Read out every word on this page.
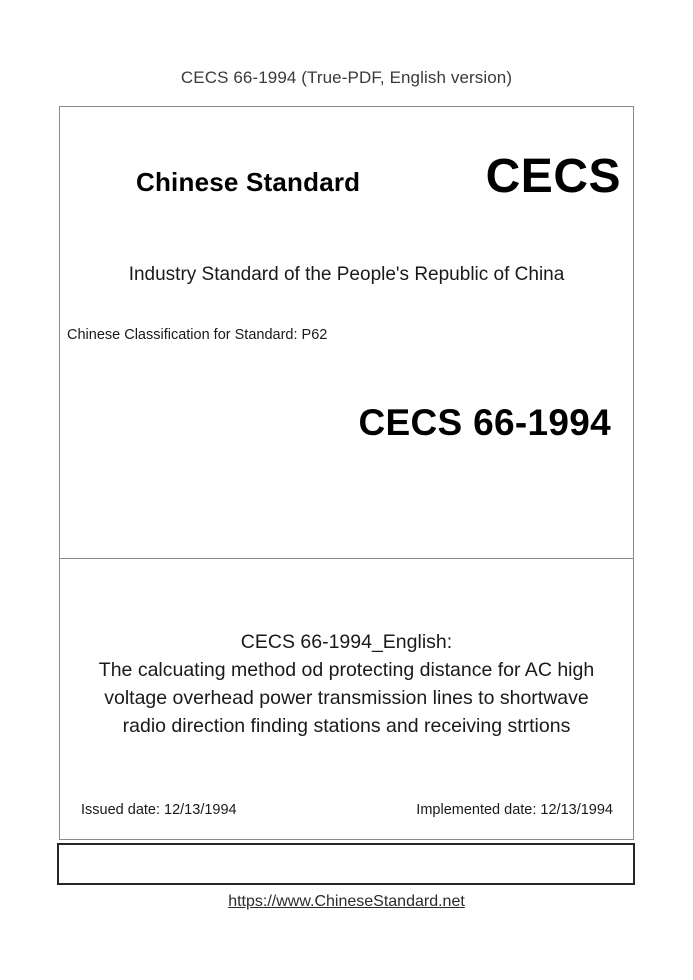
CECS 66-1994 (True-PDF, English version)
Chinese Standard	CECS
Industry Standard of the People's Republic of China
Chinese Classification for Standard: P62
CECS 66-1994
CECS 66-1994_English:
The calcuating method od protecting distance for AC high
voltage overhead power transmission lines to shortwave
radio direction finding stations and receiving strtions
Issued date: 12/13/1994	Implemented date: 12/13/1994
https://www.ChineseStandard.net
